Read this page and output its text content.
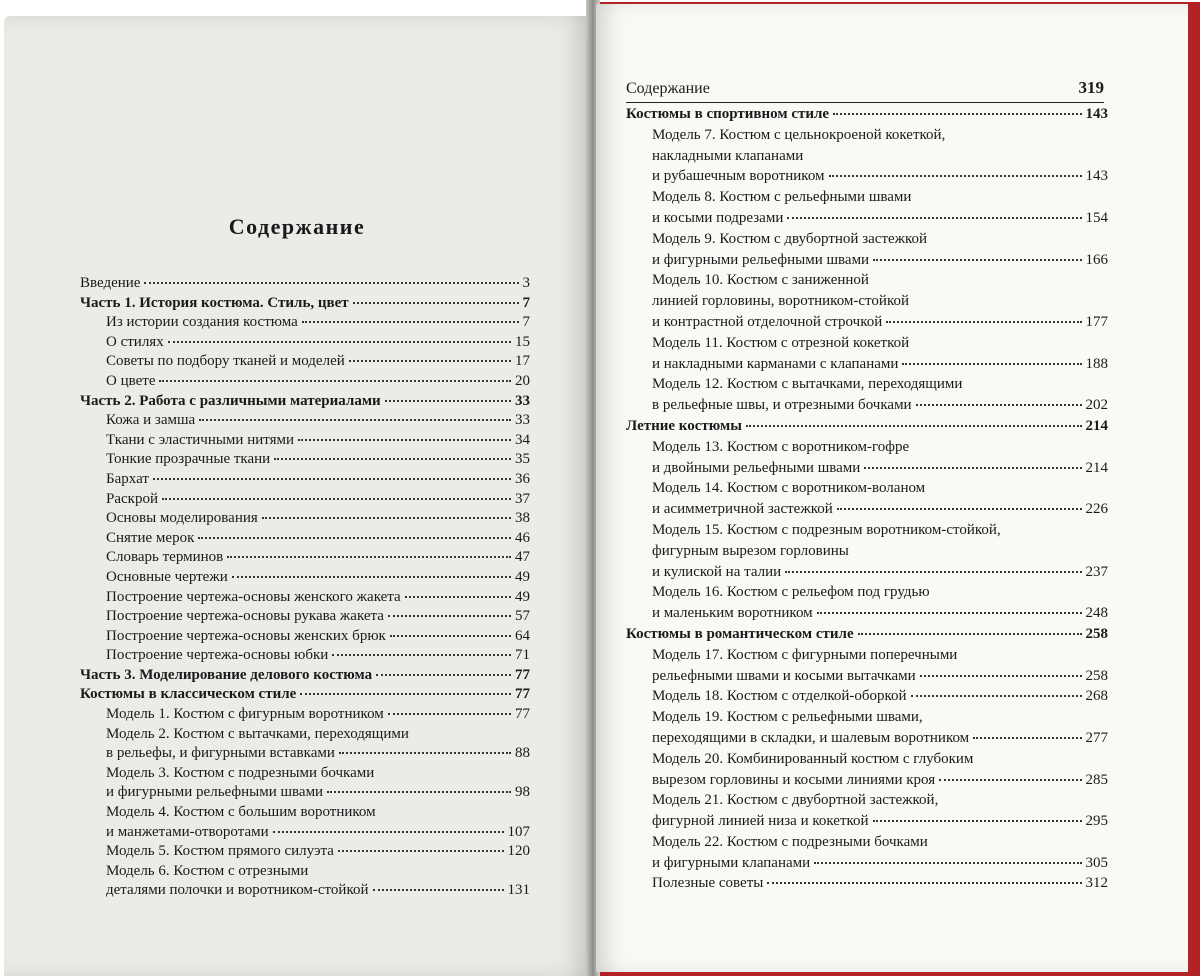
Содержание
Введение	3
Часть 1. История костюма. Стиль, цвет	7
Из истории создания костюма	7
О стилях	15
Советы по подбору тканей и моделей	17
О цвете	20
Часть 2. Работа с различными материалами	33
Кожа и замша	33
Ткани с эластичными нитями	34
Тонкие прозрачные ткани	35
Бархат	36
Раскрой	37
Основы моделирования	38
Снятие мерок	46
Словарь терминов	47
Основные чертежи	49
Построение чертежа-основы женского жакета	49
Построение чертежа-основы рукава жакета	57
Построение чертежа-основы женских брюк	64
Построение чертежа-основы юбки	71
Часть 3. Моделирование делового костюма	77
Костюмы в классическом стиле	77
Модель 1. Костюм с фигурным воротником	77
Модель 2. Костюм с вытачками, переходящими
в рельефы, и фигурными вставками	88
Модель 3. Костюм с подрезными бочками
и фигурными рельефными швами	98
Модель 4. Костюм с большим воротником
и манжетами-отворотами	107
Модель 5. Костюм прямого силуэта	120
Модель 6. Костюм с отрезными
деталями полочки и воротником-стойкой	131
Содержание	319
Костюмы в спортивном стиле	143
Модель 7. Костюм с цельнокроеной кокеткой,
накладными клапанами
и рубашечным воротником	143
Модель 8. Костюм с рельефными швами
и косыми подрезами	154
Модель 9. Костюм с двубортной застежкой
и фигурными рельефными швами	166
Модель 10. Костюм с заниженной
линией горловины, воротником-стойкой
и контрастной отделочной строчкой	177
Модель 11. Костюм с отрезной кокеткой
и накладными карманами с клапанами	188
Модель 12. Костюм с вытачками, переходящими
в рельефные швы, и отрезными бочками	202
Летние костюмы	214
Модель 13. Костюм с воротником-гофре
и двойными рельефными швами	214
Модель 14. Костюм с воротником-воланом
и асимметричной застежкой	226
Модель 15. Костюм с подрезным воротником-стойкой,
фигурным вырезом горловины
и кулиской на талии	237
Модель 16. Костюм с рельефом под грудью
и маленьким воротником	248
Костюмы в романтическом стиле	258
Модель 17. Костюм с фигурными поперечными
рельефными швами и косыми вытачками	258
Модель 18. Костюм с отделкой-оборкой	268
Модель 19. Костюм с рельефными швами,
переходящими в складки, и шалевым воротником	277
Модель 20. Комбинированный костюм с глубоким
вырезом горловины и косыми линиями кроя	285
Модель 21. Костюм с двубортной застежкой,
фигурной линией низа и кокеткой	295
Модель 22. Костюм с подрезными бочками
и фигурными клапанами	305
Полезные советы	312
